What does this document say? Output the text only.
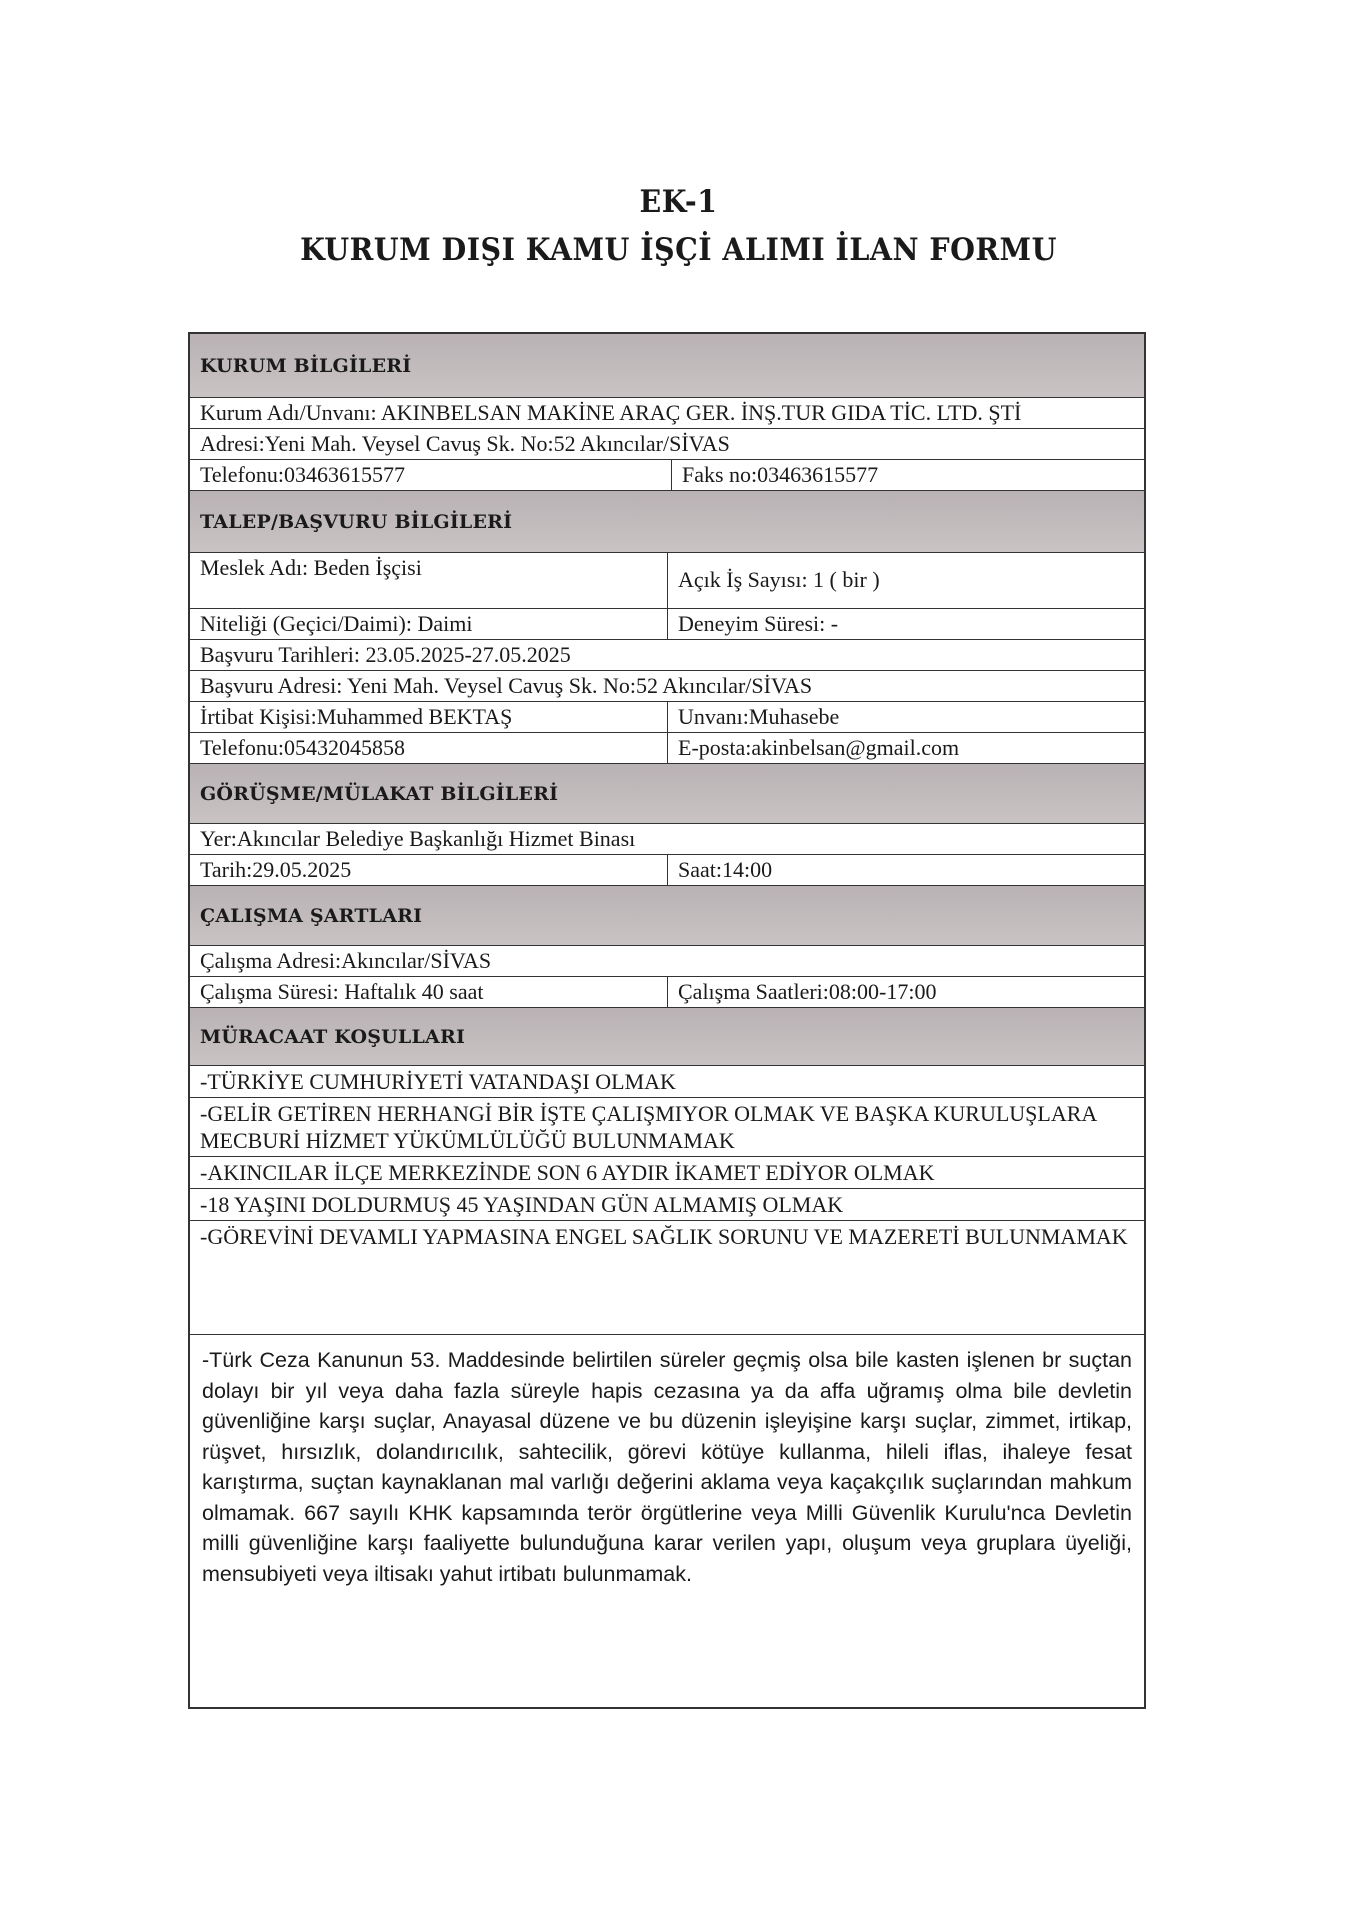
EK-1
KURUM DIŞI KAMU İŞÇİ ALIMI İLAN FORMU
KURUM BİLGİLERİ
Kurum Adı/Unvanı: AKINBELSAN MAKİNE ARAÇ GER. İNŞ.TUR GIDA TİC. LTD. ŞTİ
Adresi:Yeni Mah. Veysel Cavuş Sk. No:52 Akıncılar/SİVAS
Telefonu:03463615577	Faks no:03463615577
TALEP/BAŞVURU BİLGİLERİ
Meslek Adı: Beden İşçisi	Açık İş Sayısı: 1 ( bir )
Niteliği (Geçici/Daimi): Daimi	Deneyim Süresi: -
Başvuru Tarihleri: 23.05.2025-27.05.2025
Başvuru Adresi: Yeni Mah. Veysel Cavuş Sk. No:52 Akıncılar/SİVAS
İrtibat Kişisi:Muhammed BEKTAŞ	Unvanı:Muhasebe
Telefonu:05432045858	E-posta:akinbelsan@gmail.com
GÖRÜŞME/MÜLAKAT BİLGİLERİ
Yer:Akıncılar Belediye Başkanlığı Hizmet Binası
Tarih:29.05.2025	Saat:14:00
ÇALIŞMA ŞARTLARI
Çalışma Adresi:Akıncılar/SİVAS
Çalışma Süresi: Haftalık 40 saat	Çalışma Saatleri:08:00-17:00
MÜRACAAT KOŞULLARI
-TÜRKİYE CUMHURİYETİ VATANDAŞI OLMAK
-GELİR GETİREN HERHANGİ BİR İŞTE ÇALIŞMIYOR OLMAK VE BAŞKA KURULUŞLARA MECBURİ HİZMET YÜKÜMLÜLÜĞÜ BULUNMAMAK
-AKINCILAR İLÇE MERKEZİNDE SON 6 AYDIR İKAMET EDİYOR OLMAK
-18 YAŞINI DOLDURMUŞ 45 YAŞINDAN GÜN ALMAMIŞ OLMAK
-GÖREVİNİ DEVAMLI YAPMASINA ENGEL SAĞLIK SORUNU VE MAZERETİ BULUNMAMAK
-Türk Ceza Kanunun 53. Maddesinde belirtilen süreler geçmiş olsa bile kasten işlenen br suçtan dolayı bir yıl veya daha fazla süreyle hapis cezasına ya da affa uğramış olma bile devletin güvenliğine karşı suçlar, Anayasal düzene ve bu düzenin işleyişine karşı suçlar, zimmet, irtikap, rüşvet, hırsızlık, dolandırıcılık, sahtecilik, görevi kötüye kullanma, hileli iflas, ihaleye fesat karıştırma, suçtan kaynaklanan mal varlığı değerini aklama veya kaçakçılık suçlarından mahkum olmamak. 667 sayılı KHK kapsamında terör örgütlerine veya Milli Güvenlik Kurulu'nca Devletin milli güvenliğine karşı faaliyette bulunduğuna karar verilen yapı, oluşum veya gruplara üyeliği, mensubiyeti veya iltisakı yahut irtibatı bulunmamak.
